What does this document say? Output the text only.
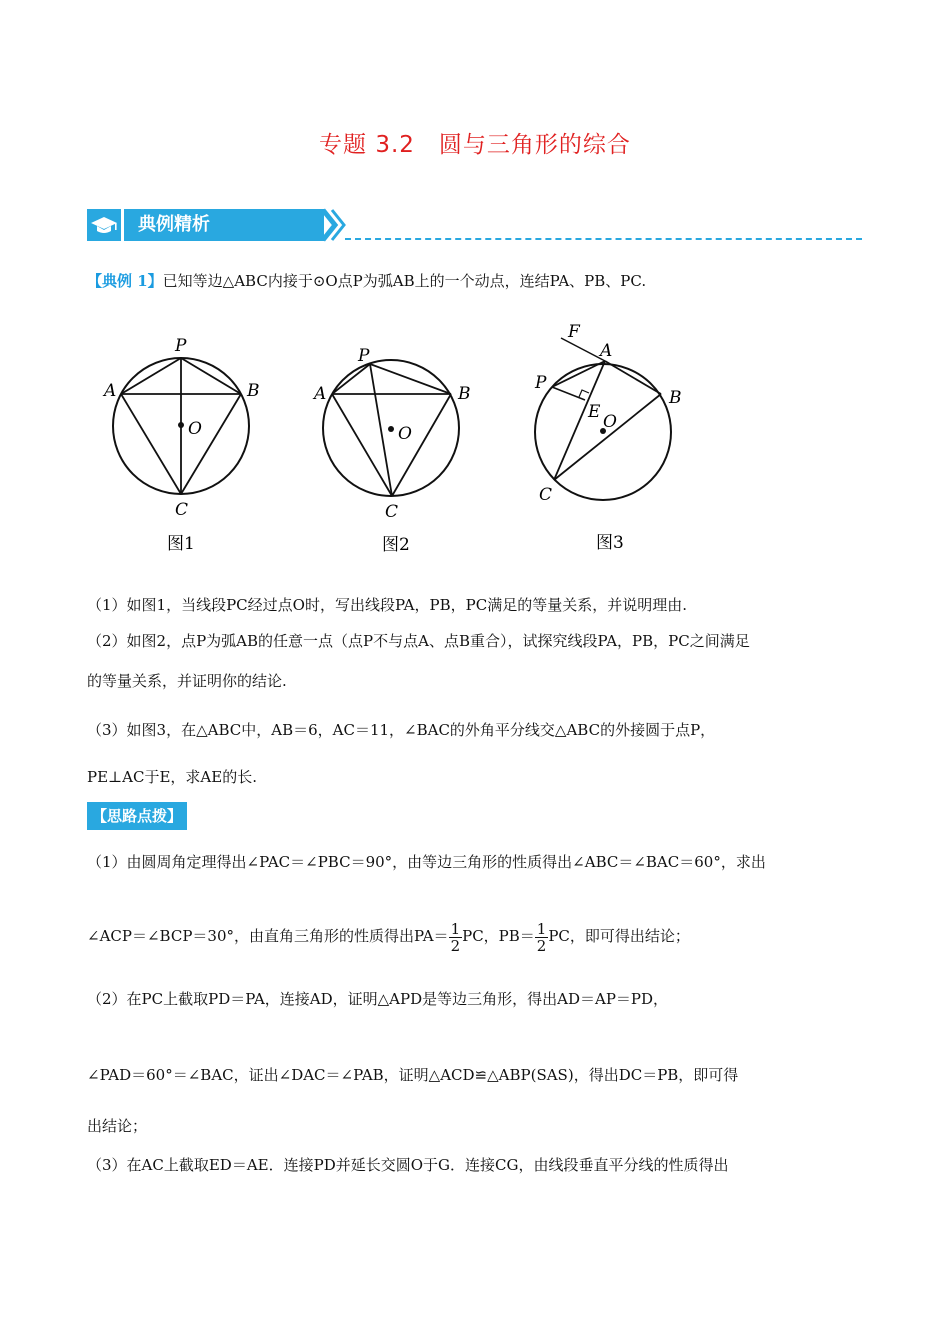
专题 3.2　圆与三角形的综合
典例精析
【典例 1】已知等边△ABC内接于⊙O点P为弧AB上的一个动点，连结PA、PB、PC.
P
A	B
O
C
图1
P
A	B
O
C
图2
F
A
P
E O
B
C
图3
（1）如图1，当线段PC经过点O时，写出线段PA，PB，PC满足的等量关系，并说明理由.
（2）如图2，点P为弧AB的任意一点（点P不与点A、点B重合），试探究线段PA，PB，PC之间满足
的等量关系，并证明你的结论.
（3）如图3，在△ABC中，AB＝6，AC＝11，∠BAC的外角平分线交△ABC的外接圆于点P，
PE⊥AC于E，求AE的长.
【思路点拨】
（1）由圆周角定理得出∠PAC＝∠PBC＝90°，由等边三角形的性质得出∠ABC＝∠BAC＝60°，求出
∠ACP＝∠BCP＝30°，由直角三角形的性质得出$PA= \frac{1}{2}$ PC，$PB= \frac{1}{2}$ PC，即可得出结论；
（2）在PC上截取PD＝PA，连接AD，证明△APD是等边三角形，得出AD＝AP＝PD，
∠PAD＝60°＝∠BAC，证出∠DAC＝∠PAB，证明△ACD≌△ABP(SAS)，得出DC＝PB，即可得
出结论；
（3）在AC上截取ED＝AE．连接PD并延长交圆O于G．连接CG，由线段垂直平分线的性质得出
